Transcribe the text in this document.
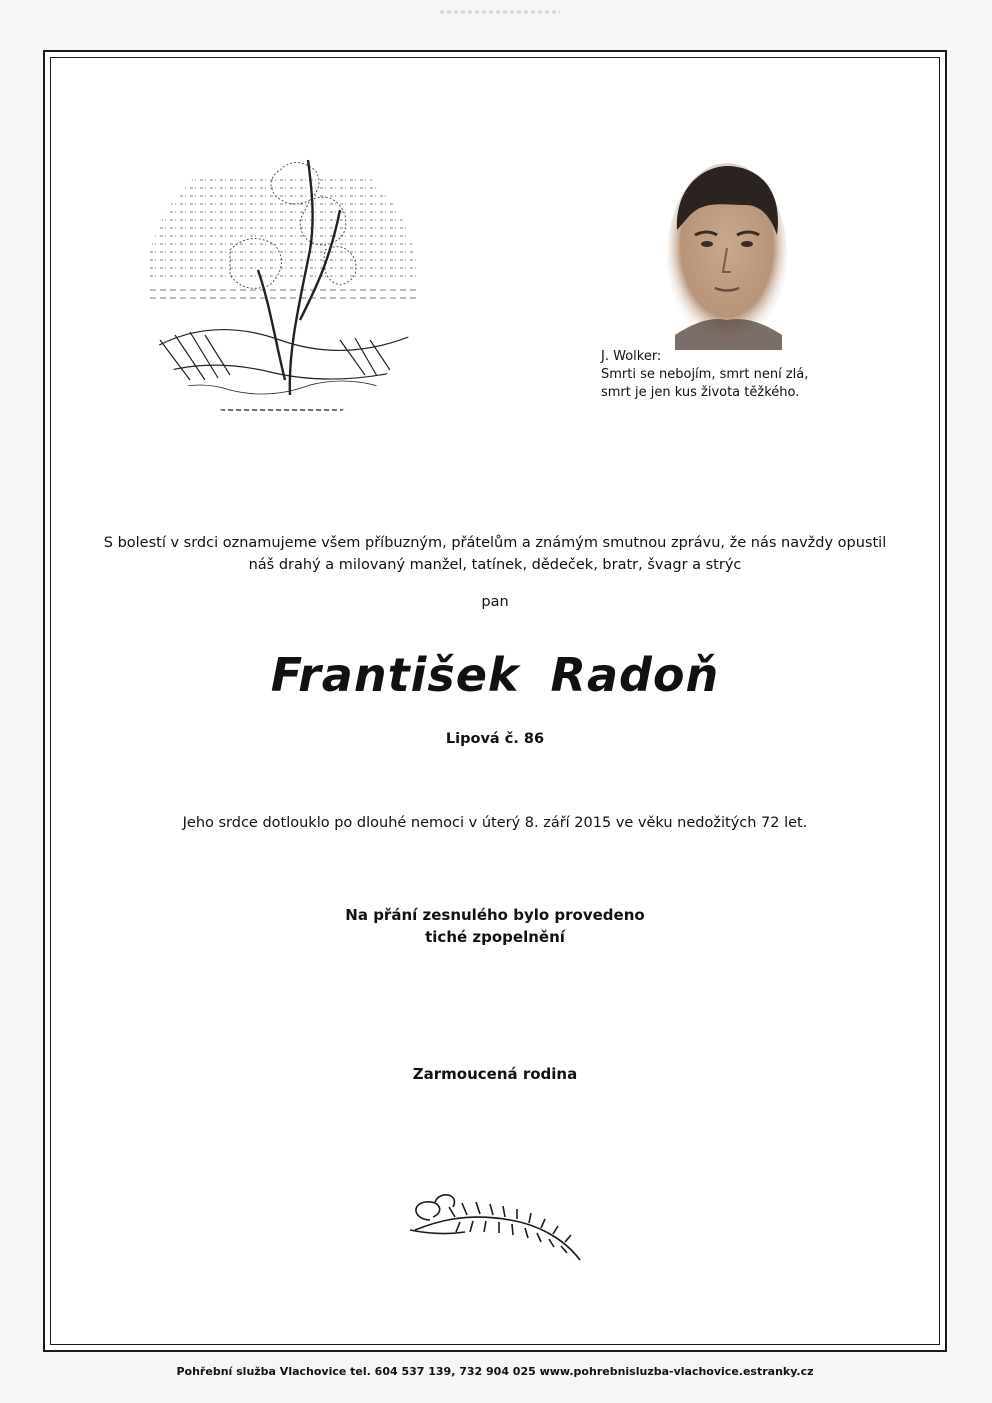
J. Wolker:
Smrti se nebojím, smrt není zlá,
smrt je jen kus života těžkého.
S bolestí v srdci oznamujeme všem příbuzným, přátelům a známým smutnou zprávu, že nás navždy opustil
náš drahý a milovaný manžel, tatínek, dědeček, bratr, švagr a strýc
pan
František Radoň
Lipová č. 86
Jeho srdce dotlouklo po dlouhé nemoci v úterý 8. září 2015 ve věku nedožitých 72 let.
Na přání zesnulého bylo provedeno
tiché zpopelnění
Zarmoucená rodina
Pohřební služba Vlachovice tel. 604 537 139, 732 904 025 www.pohrebnisluzba-vlachovice.estranky.cz
